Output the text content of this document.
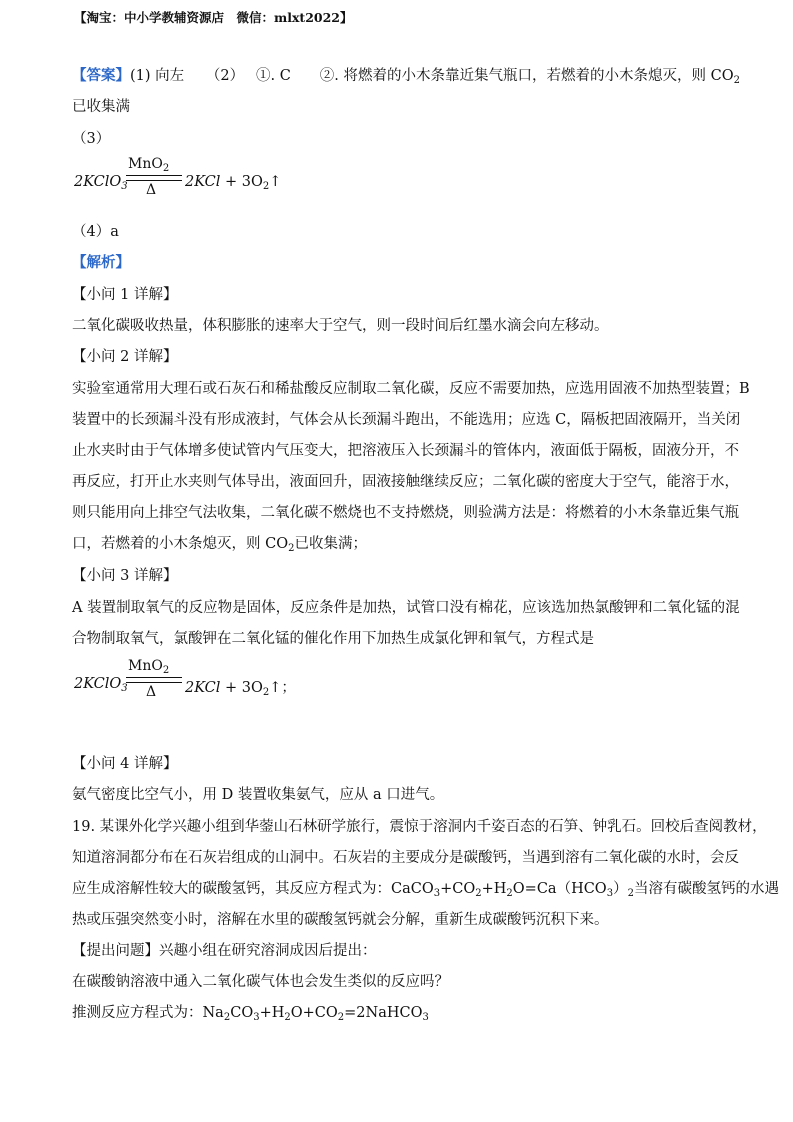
【淘宝：中小学教辅资源店　微信：mlxt2022】
【答案】(1) 向左　　（2）　 ①. C　　②. 将燃着的小木条靠近集气瓶口，若燃着的小木条熄灭，则 $CO_2$
已收集满
（3）
2KClO$_3$
MnO$_2$
Δ $2KCl + 3O_2↑$
（4）a
【解析】
【小问 1 详解】
二氧化碳吸收热量，体积膨胀的速率大于空气，则一段时间后红墨水滴会向左移动。
【小问 2 详解】
实验室通常用大理石或石灰石和稀盐酸反应制取二氧化碳，反应不需要加热，应选用固液不加热型装置；B
装置中的长颈漏斗没有形成液封，气体会从长颈漏斗跑出，不能选用；应选 C，隔板把固液隔开，当关闭
止水夹时由于气体增多使试管内气压变大，把溶液压入长颈漏斗的管体内，液面低于隔板，固液分开，不
再反应，打开止水夹则气体导出，液面回升，固液接触继续反应；二氧化碳的密度大于空气，能溶于水，
则只能用向上排空气法收集，二氧化碳不燃烧也不支持燃烧，则验满方法是：将燃着的小木条靠近集气瓶
口，若燃着的小木条熄灭，则 $CO_2$已收集满；
【小问 3 详解】
A 装置制取氧气的反应物是固体，反应条件是加热，试管口没有棉花，应该选加热氯酸钾和二氧化锰的混
合物制取氧气，氯酸钾在二氧化锰的催化作用下加热生成氯化钾和氧气，方程式是
2KClO$_3$
MnO$_2$
Δ $2KCl + 3O_2↑$；
【小问 4 详解】
氨气密度比空气小，用 D 装置收集氨气，应从 a 口进气。
19. 某课外化学兴趣小组到华蓥山石林研学旅行，震惊于溶洞内千姿百态的石笋、钟乳石。回校后查阅教材，
知道溶洞都分布在石灰岩组成的山洞中。石灰岩的主要成分是碳酸钙，当遇到溶有二氧化碳的水时，会反
应生成溶解性较大的碳酸氢钙，其反应方程式为：$CaCO_3+CO_2+H_2O=Ca(HCO_3)_2$当溶有碳酸氢钙的水遇
热或压强突然变小时，溶解在水里的碳酸氢钙就会分解，重新生成碳酸钙沉积下来。
【提出问题】兴趣小组在研究溶洞成因后提出：
在碳酸钠溶液中通入二氧化碳气体也会发生类似的反应吗？
推测反应方程式为：$Na_2CO_3+H_2O+CO_2=2NaHCO_3$
